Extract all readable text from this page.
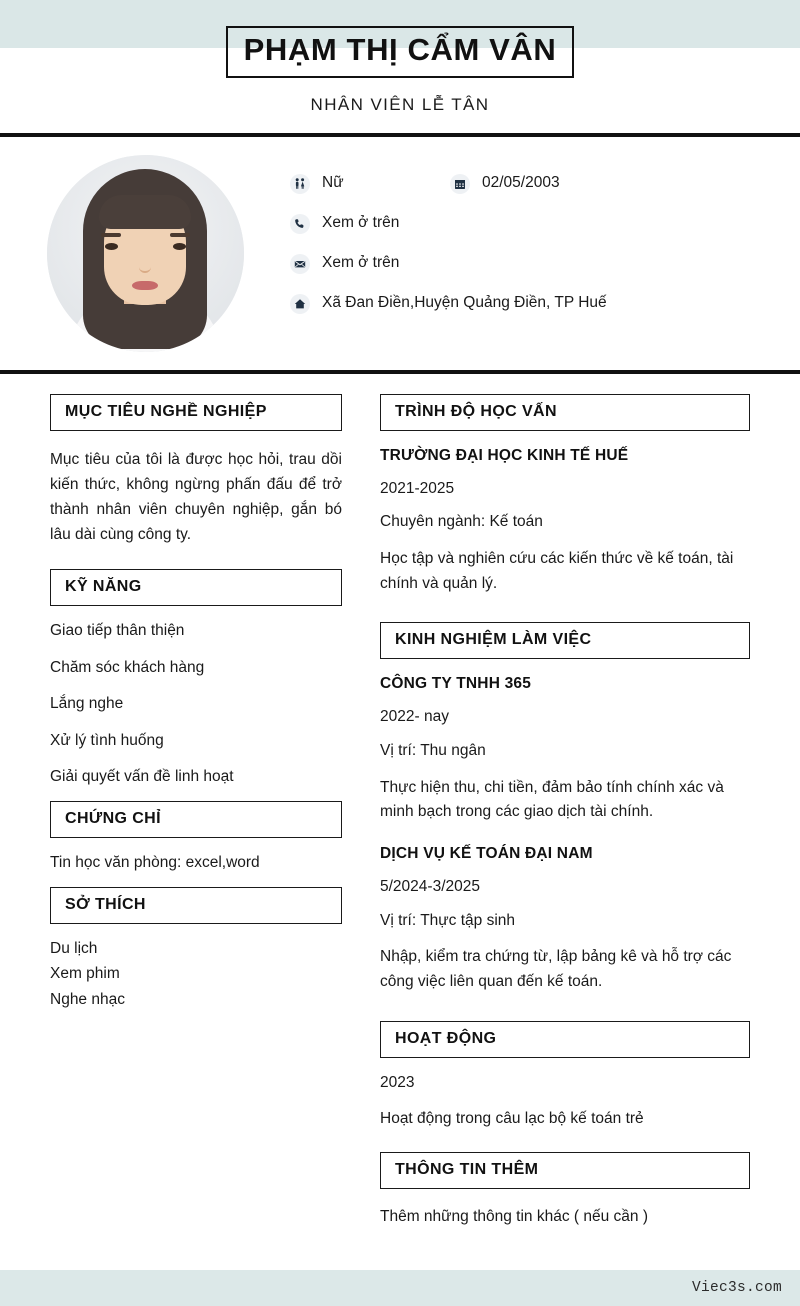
PHẠM THỊ CẨM VÂN
NHÂN VIÊN LỄ TÂN
Nữ	02/05/2003
Xem ở trên
Xem ở trên
Xã Đan Điền,Huyện Quảng Điền, TP Huế
MỤC TIÊU NGHỀ NGHIỆP
Mục tiêu của tôi là được học hỏi, trau dồi kiến thức, không ngừng phấn đấu để trở thành nhân viên chuyên nghiệp, gắn bó lâu dài cùng công ty.
KỸ NĂNG
Giao tiếp thân thiện
Chăm sóc khách hàng
Lắng nghe
Xử lý tình huống
Giải quyết vấn đề linh hoạt
CHỨNG CHỈ
Tin học văn phòng: excel,word
SỞ THÍCH
Du lịch
Xem phim
Nghe nhạc
TRÌNH ĐỘ HỌC VẤN
TRƯỜNG ĐẠI HỌC KINH TẾ HUẾ
2021-2025
Chuyên ngành: Kế toán
Học tập và nghiên cứu các kiến thức về kế toán, tài chính và quản lý.
KINH NGHIỆM LÀM VIỆC
CÔNG TY TNHH 365
2022- nay
Vị trí: Thu ngân
Thực hiện thu, chi tiền, đảm bảo tính chính xác và minh bạch trong các giao dịch tài chính.
DỊCH VỤ KẾ TOÁN ĐẠI NAM
5/2024-3/2025
Vị trí: Thực tập sinh
Nhập, kiểm tra chứng từ, lập bảng kê và hỗ trợ các công việc liên quan đến kế toán.
HOẠT ĐỘNG
2023
Hoạt động trong câu lạc bộ kế toán trẻ
THÔNG TIN THÊM
Thêm những thông tin khác ( nếu cần )
Viec3s.com
